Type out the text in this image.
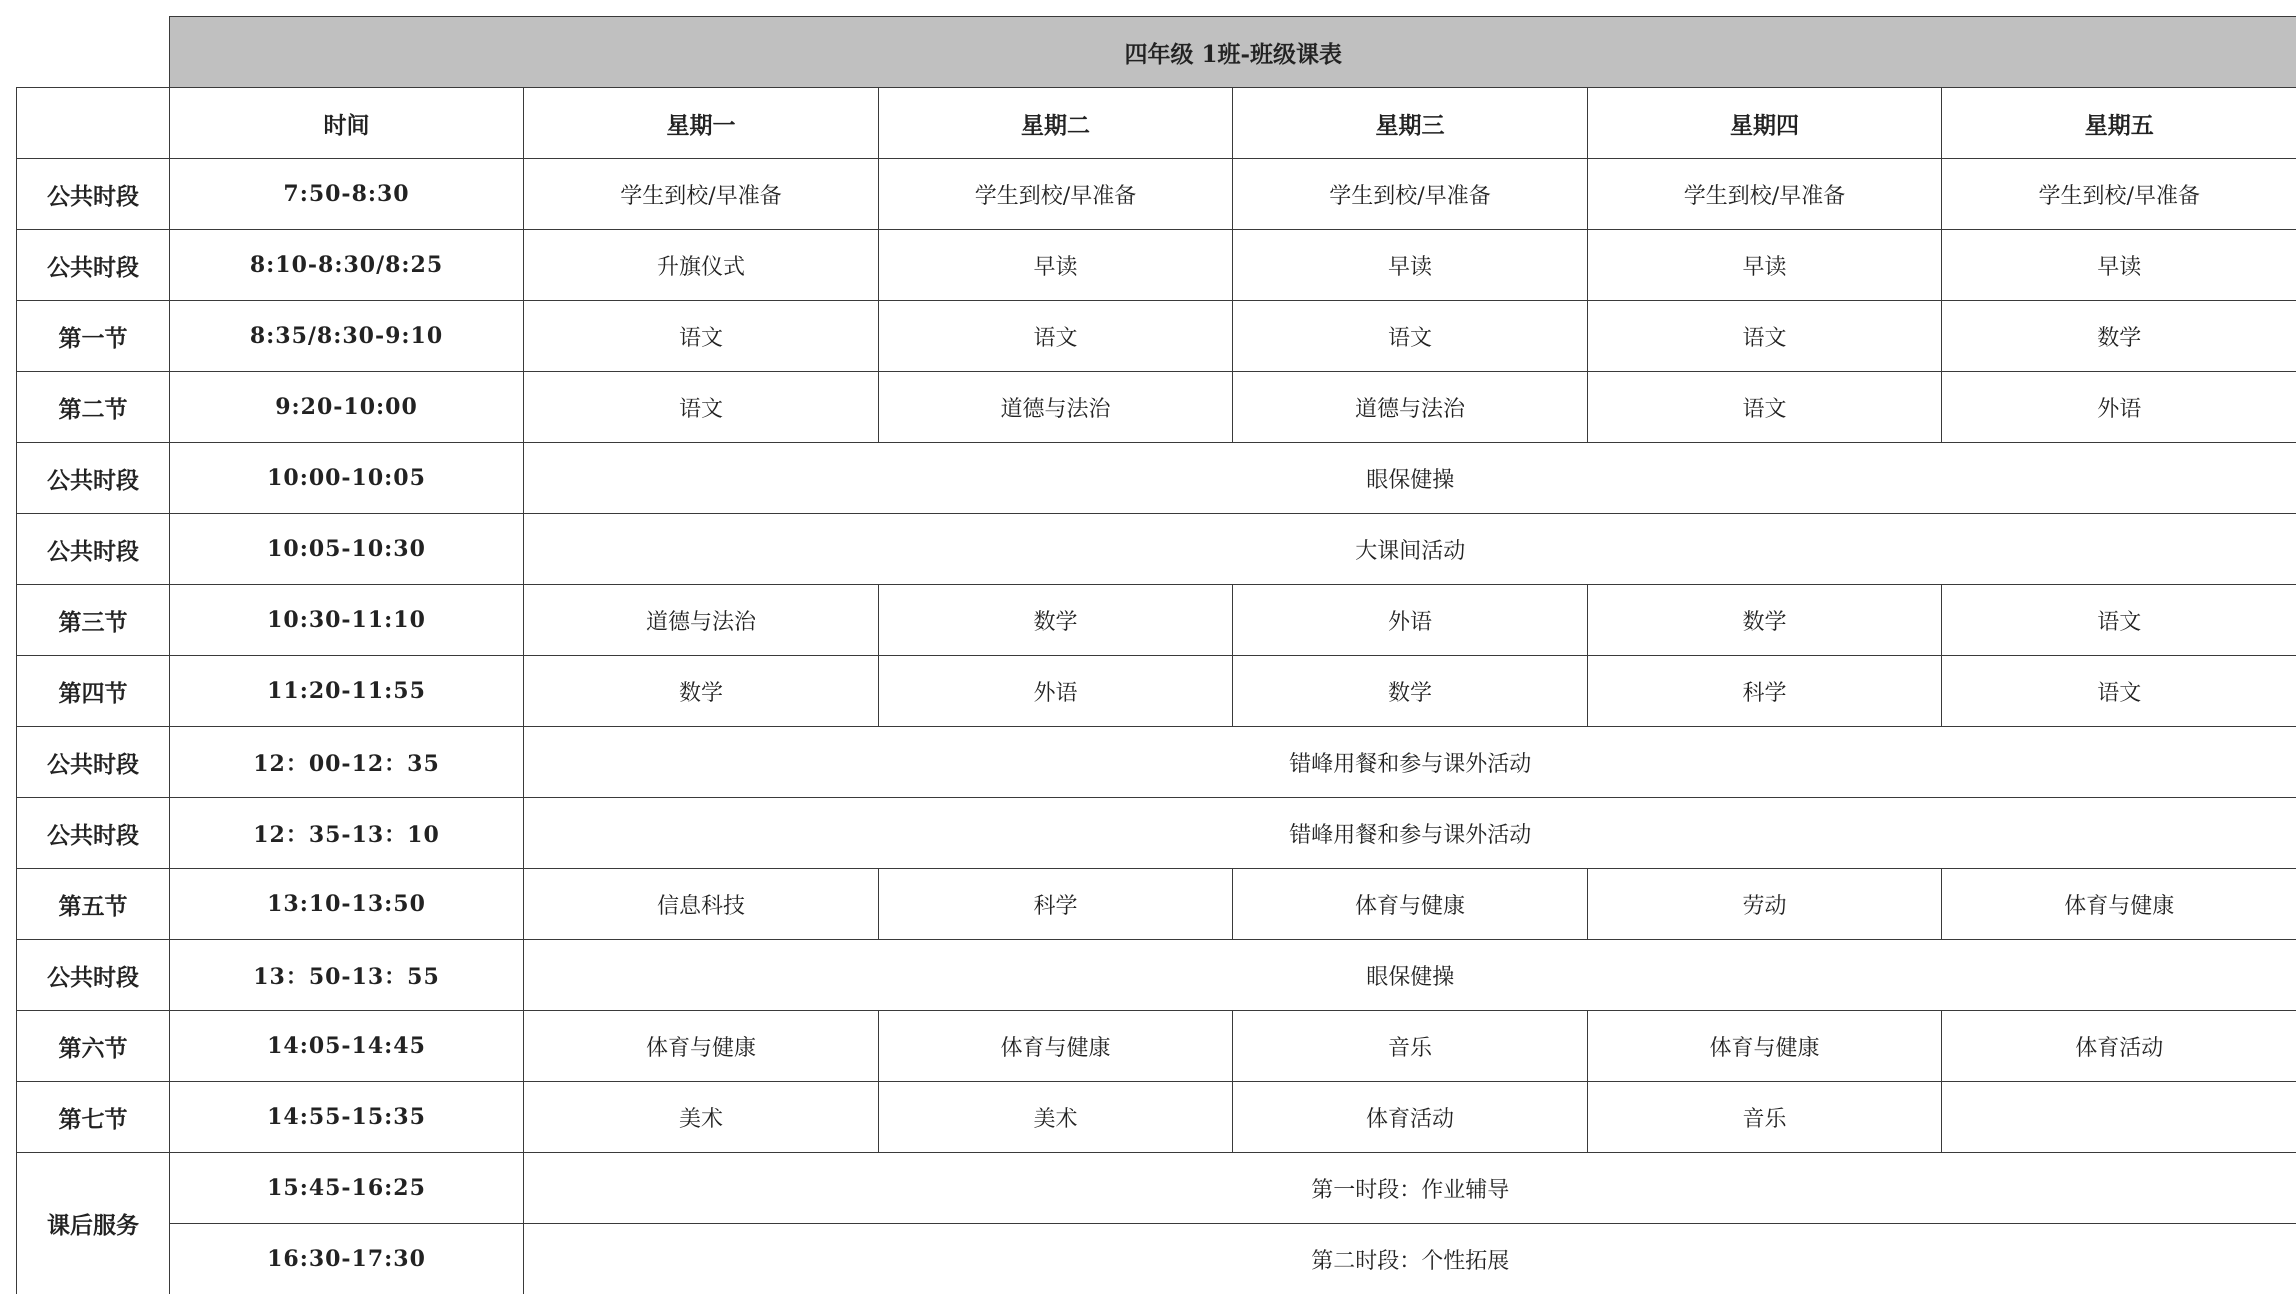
	四年级 1班-班级课表					
	时间	星期一	星期二	星期三	星期四	星期五
公共时段	7:50-8:30	学生到校/早准备	学生到校/早准备	学生到校/早准备	学生到校/早准备	学生到校/早准备
公共时段	8:10-8:30/8:25	升旗仪式	早读	早读	早读	早读
第一节	8:35/8:30-9:10	语文	语文	语文	语文	数学
第二节	9:20-10:00	语文	道德与法治	道德与法治	语文	外语
公共时段	10:00-10:05	眼保健操				
公共时段	10:05-10:30	大课间活动				
第三节	10:30-11:10	道德与法治	数学	外语	数学	语文
第四节	11:20-11:55	数学	外语	数学	科学	语文
公共时段	12：00-12：35	错峰用餐和参与课外活动				
公共时段	12：35-13：10	错峰用餐和参与课外活动				
第五节	13:10-13:50	信息科技	科学	体育与健康	劳动	体育与健康
公共时段	13：50-13：55	眼保健操				
第六节	14:05-14:45	体育与健康	体育与健康	音乐	体育与健康	体育活动
第七节	14:55-15:35	美术	美术	体育活动	音乐	
课后服务	15:45-16:25	第一时段：作业辅导				
	16:30-17:30	第二时段：个性拓展				
